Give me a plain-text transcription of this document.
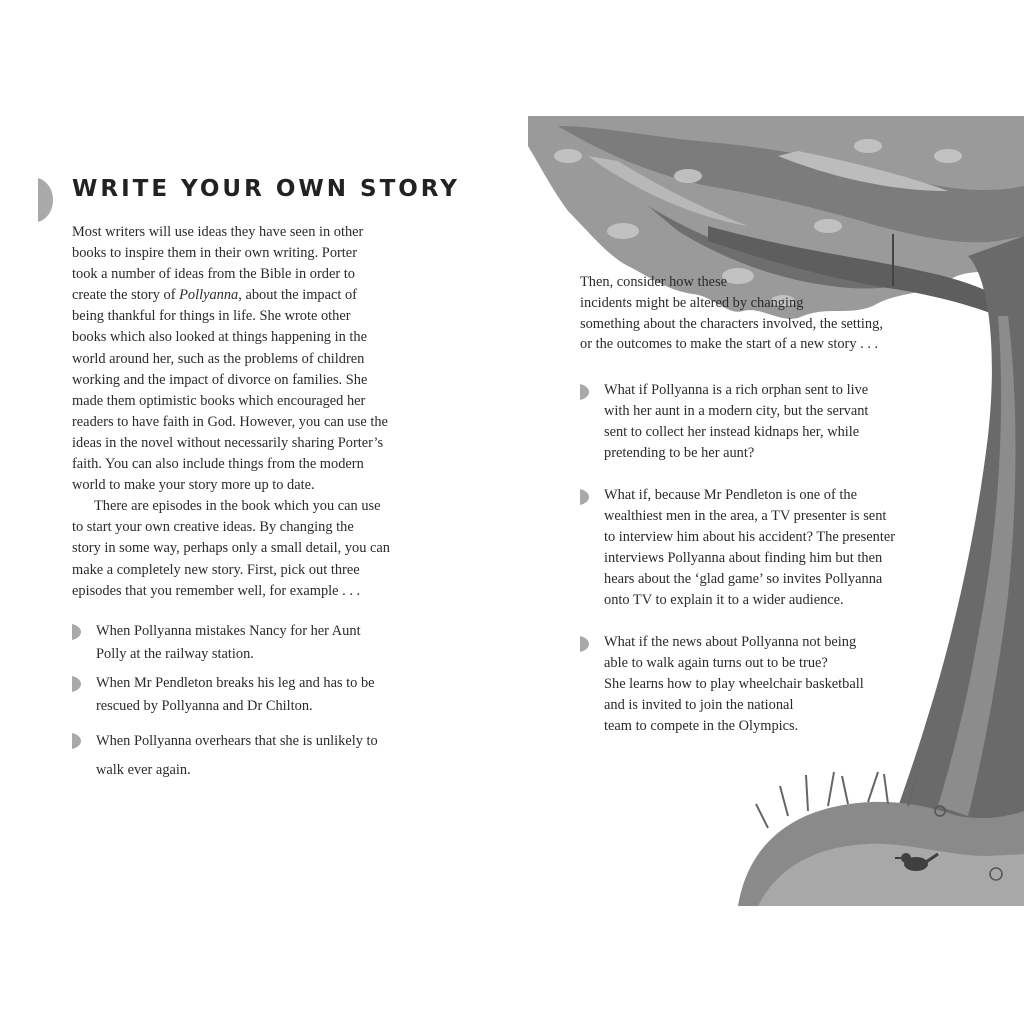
WRITE YOUR OWN STORY

Most writers will use ideas they have seen in other
books to inspire them in their own writing. Porter
took a number of ideas from the Bible in order to
create the story of Pollyanna, about the impact of
being thankful for things in life. She wrote other
books which also looked at things happening in the
world around her, such as the problems of children
working and the impact of divorce on families. She
made them optimistic books which encouraged her
readers to have faith in God. However, you can use the
ideas in the novel without necessarily sharing Porter’s
faith. You can also include things from the modern
world to make your story more up to date.

There are episodes in the book which you can use
to start your own creative ideas. By changing the
story in some way, perhaps only a small detail, you can
make a completely new story. First, pick out three
episodes that you remember well, for example . . .

When Pollyanna mistakes Nancy for her Aunt
Polly at the railway station.
When Mr Pendleton breaks his leg and has to be
rescued by Pollyanna and Dr Chilton.
When Pollyanna overhears that she is unlikely to
walk ever again.
Then, consider how these
incidents might be altered by changing
something about the characters involved, the setting,
or the outcomes to make the start of a new story . . .
What if Pollyanna is a rich orphan sent to live
with her aunt in a modern city, but the servant
sent to collect her instead kidnaps her, while
pretending to be her aunt?
What if, because Mr Pendleton is one of the
wealthiest men in the area, a TV presenter is sent
to interview him about his accident? The presenter
interviews Pollyanna about finding him but then
hears about the ‘glad game’ so invites Pollyanna
onto TV to explain it to a wider audience.
What if the news about Pollyanna not being
able to walk again turns out to be true?
She learns how to play wheelchair basketball
and is invited to join the national
team to compete in the Olympics.
